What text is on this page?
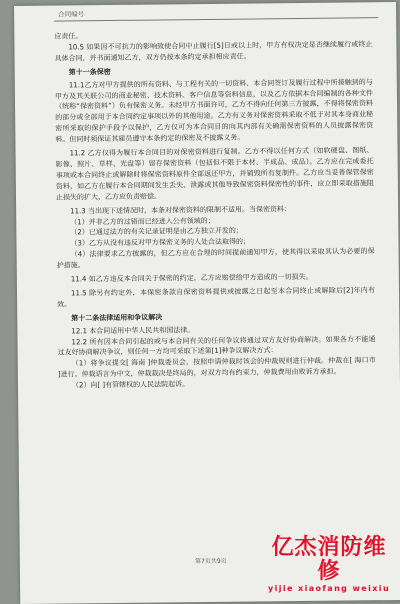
合同编号

应责任。

10.5 如果因不可抗力的影响致使合同中止履行[5]日或以上时，甲方有权决定是否继续履行或终止具体合同，并书面通知乙方，双方仍按本条约定承担相应责任。

第十一条保密

11.1乙方对甲方提供的所有资料、与工程有关的一切资料、本合同签订及履行过程中所接触到的与甲方及其关联公司的商业秘密、技术资料、客户信息等资料信息，以及乙方依据本合同编制的各种文件（统称“保密资料”）负有保密义务。未经甲方书面许可，乙方不得向任何第三方披露，不得将保密资料的部分或全部用于本合同约定事项以外的其他用途。乙方有义务对保密资料采取不低于对其本身商业秘密所采取的保护手段予以保护，乙方仅可为本合同目的向其内部有关确需保密资料的人员披露保密资料。但同时须保证其雇员遵守本条约定的保密及不披露义务。

11.2 乙方仅得为履行本合同目的对保密资料进行复制。乙方不得以任何方式（如软硬盘、图纸、影像、照片、草样、光盘等）留存保密资料（包括但不限于本材、半成品、成品）。乙方应在完成委托事项或本合同终止或解除时将保密资料原件全部返还甲方，并销毁所有复制件。乙方应当妥善保管保密资料，如乙方在履行本合同期间发生丢失、泄露或其他导致保密资料保密性的事件，应立即采取措施阻止损失的扩大，乙方应负责赔偿。

11.3 当出现下述情况时，本条对保密资料的限制不适用。当保密资料：

（1）并非乙方的过错而已经进入公有领域的；

（2）已通过法方的有关记录证明是由乙方独立开发的；

（3）乙方从没有违反对甲方保密义务的人处合法取得的；

（4）法律要求乙方披露的，但乙方应在合理的时间提前通知甲方，使其得以采取其认为必要的保护措施。

11.4 如乙方违反本合同关于保密的约定，乙方应赔偿给甲方造成的一切损失。

11.5 除另有约定外，本保密条款自保密资料提供或披露之日起至本合同终止或解除后[2]年内有效。

第十二条法律适用和争议解决

12.1 本合同适用中华人民共和国法律。

12.2 所有因本合同引起的或与本合同有关的任何争议将通过双方友好协商解决。如果各方不能通过友好协商解决争议，则任何一方均可采取下述第[1]种争议解决方式：

（1）将争议提交[ 海南 ]仲裁委员会，按照申请仲裁时该会的仲裁规则进行仲裁。仲裁在[ 海口市 ]进行。仲裁语言为中文，仲裁裁决是终局的，对双方均有约束力，仲裁费用由败诉方承担。

（2）向[ ]有管辖权的人民法院起诉。

第7页共9页
亿杰消防维修
yijie xiaofang weixiu
